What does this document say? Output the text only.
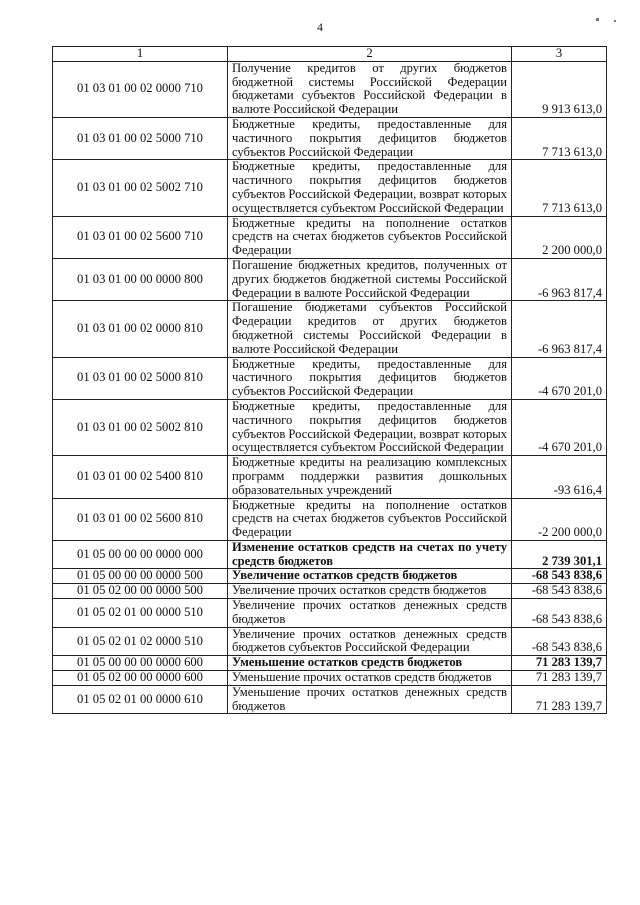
4
1	2	3
01 03 01 00 02 0000 710	Получение кредитов от других бюджетов бюджетной системы Российской Федерации бюджетами субъектов Российской Федерации в валюте Российской Федерации	9 913 613,0
01 03 01 00 02 5000 710	Бюджетные кредиты, предоставленные для частичного покрытия дефицитов бюджетов субъектов Российской Федерации	7 713 613,0
01 03 01 00 02 5002 710	Бюджетные кредиты, предоставленные для частичного покрытия дефицитов бюджетов субъектов Российской Федерации, возврат которых осуществляется субъектом Российской Федерации	7 713 613,0
01 03 01 00 02 5600 710	Бюджетные кредиты на пополнение остатков средств на счетах бюджетов субъектов Российской Федерации	2 200 000,0
01 03 01 00 00 0000 800	Погашение бюджетных кредитов, полученных от других бюджетов бюджетной системы Российской Федерации в валюте Российской Федерации	-6 963 817,4
01 03 01 00 02 0000 810	Погашение бюджетами субъектов Российской Федерации кредитов от других бюджетов бюджетной системы Российской Федерации в валюте Российской Федерации	-6 963 817,4
01 03 01 00 02 5000 810	Бюджетные кредиты, предоставленные для частичного покрытия дефицитов бюджетов субъектов Российской Федерации	-4 670 201,0
01 03 01 00 02 5002 810	Бюджетные кредиты, предоставленные для частичного покрытия дефицитов бюджетов субъектов Российской Федерации, возврат которых осуществляется субъектом Российской Федерации	-4 670 201,0
01 03 01 00 02 5400 810	Бюджетные кредиты на реализацию комплексных программ поддержки развития дошкольных образовательных учреждений	-93 616,4
01 03 01 00 02 5600 810	Бюджетные кредиты на пополнение остатков средств на счетах бюджетов субъектов Российской Федерации	-2 200 000,0
01 05 00 00 00 0000 000	Изменение остатков средств на счетах по учету средств бюджетов	2 739 301,1
01 05 00 00 00 0000 500	Увеличение остатков средств бюджетов	-68 543 838,6
01 05 02 00 00 0000 500	Увеличение прочих остатков средств бюджетов	-68 543 838,6
01 05 02 01 00 0000 510	Увеличение прочих остатков денежных средств бюджетов	-68 543 838,6
01 05 02 01 02 0000 510	Увеличение прочих остатков денежных средств бюджетов субъектов Российской Федерации	-68 543 838,6
01 05 00 00 00 0000 600	Уменьшение остатков средств бюджетов	71 283 139,7
01 05 02 00 00 0000 600	Уменьшение прочих остатков средств бюджетов	71 283 139,7
01 05 02 01 00 0000 610	Уменьшение прочих остатков денежных средств бюджетов	71 283 139,7
